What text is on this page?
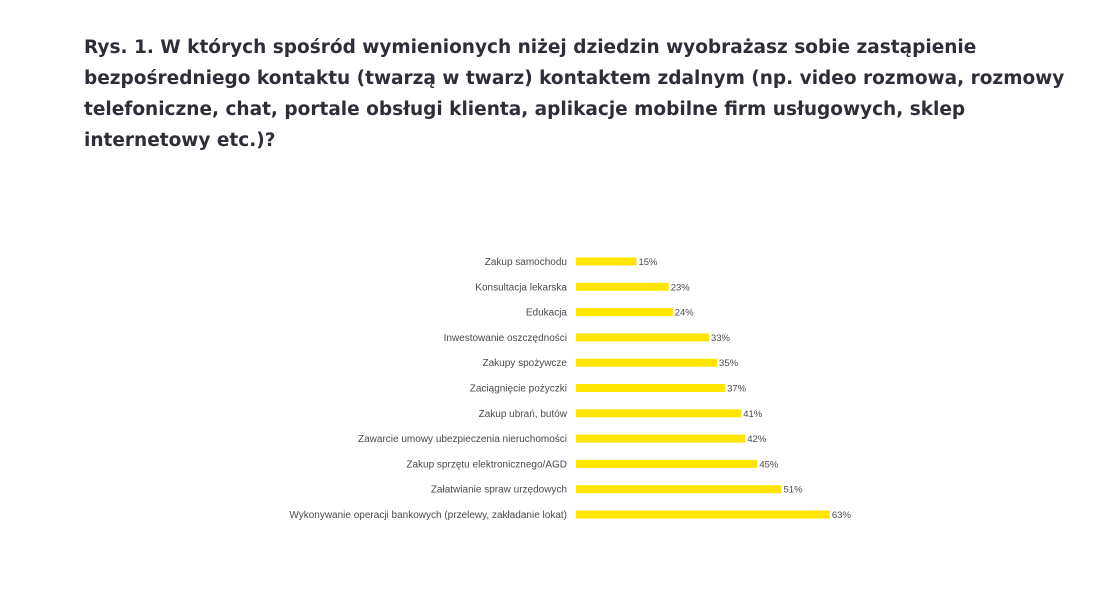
Rys. 1. W których spośród wymienionych niżej dziedzin wyobrażasz sobie zastąpienie bezpośredniego kontaktu (twarzą w twarz) kontaktem zdalnym (np. video rozmowa, rozmowy telefoniczne, chat, portale obsługi klienta, aplikacje mobilne firm usługowych, sklep internetowy etc.)?
Zakup samochodu	15%
Konsultacja lekarska	23%
Edukacja	24%
Inwestowanie oszczędności	33%
Zakupy spożywcze	35%
Zaciągnięcie pożyczki	37%
Zakup ubrań, butów	41%
Zawarcie umowy ubezpieczenia nieruchomości	42%
Zakup sprzętu elektronicznego/AGD	45%
Załatwianie spraw urzędowych	51%
Wykonywanie operacji bankowych (przelewy, zakładanie lokat)	63%
